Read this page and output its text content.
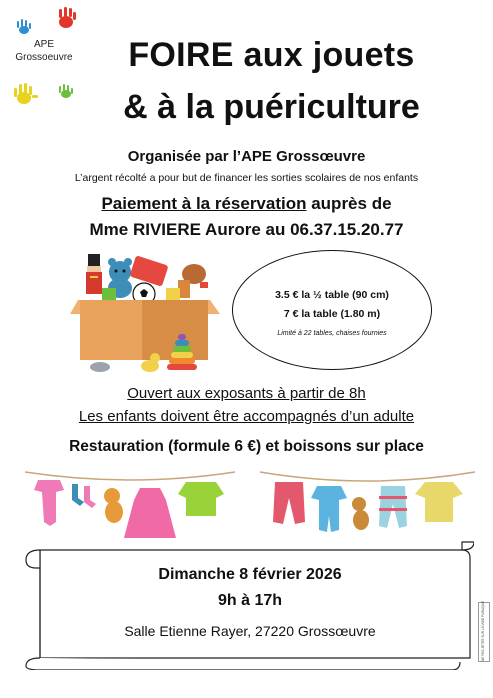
APE
Grossoeuvre	FOIRE aux jouets
& à la puériculture
Organisée par l’APE Grossœuvre
L’argent récolté a pour but de financer les sorties scolaires de nos enfants
Paiement à la réservation auprès de
Mme RIVIERE Aurore au 06.37.15.20.77
3.5 € la ½ table (90 cm)
7 € la table (1.80 m)
Limité à 22 tables, chaises fournies
Ouvert aux exposants à partir de 8h
Les enfants doivent être accompagnés d’un adulte
Restauration (formule 6 €) et boissons sur place
Dimanche 8 février 2026
9h à 17h
Salle Etienne Rayer, 27220 Grossœuvre	NE PAS JETER SUR LA VOIE PUBLIQUE
